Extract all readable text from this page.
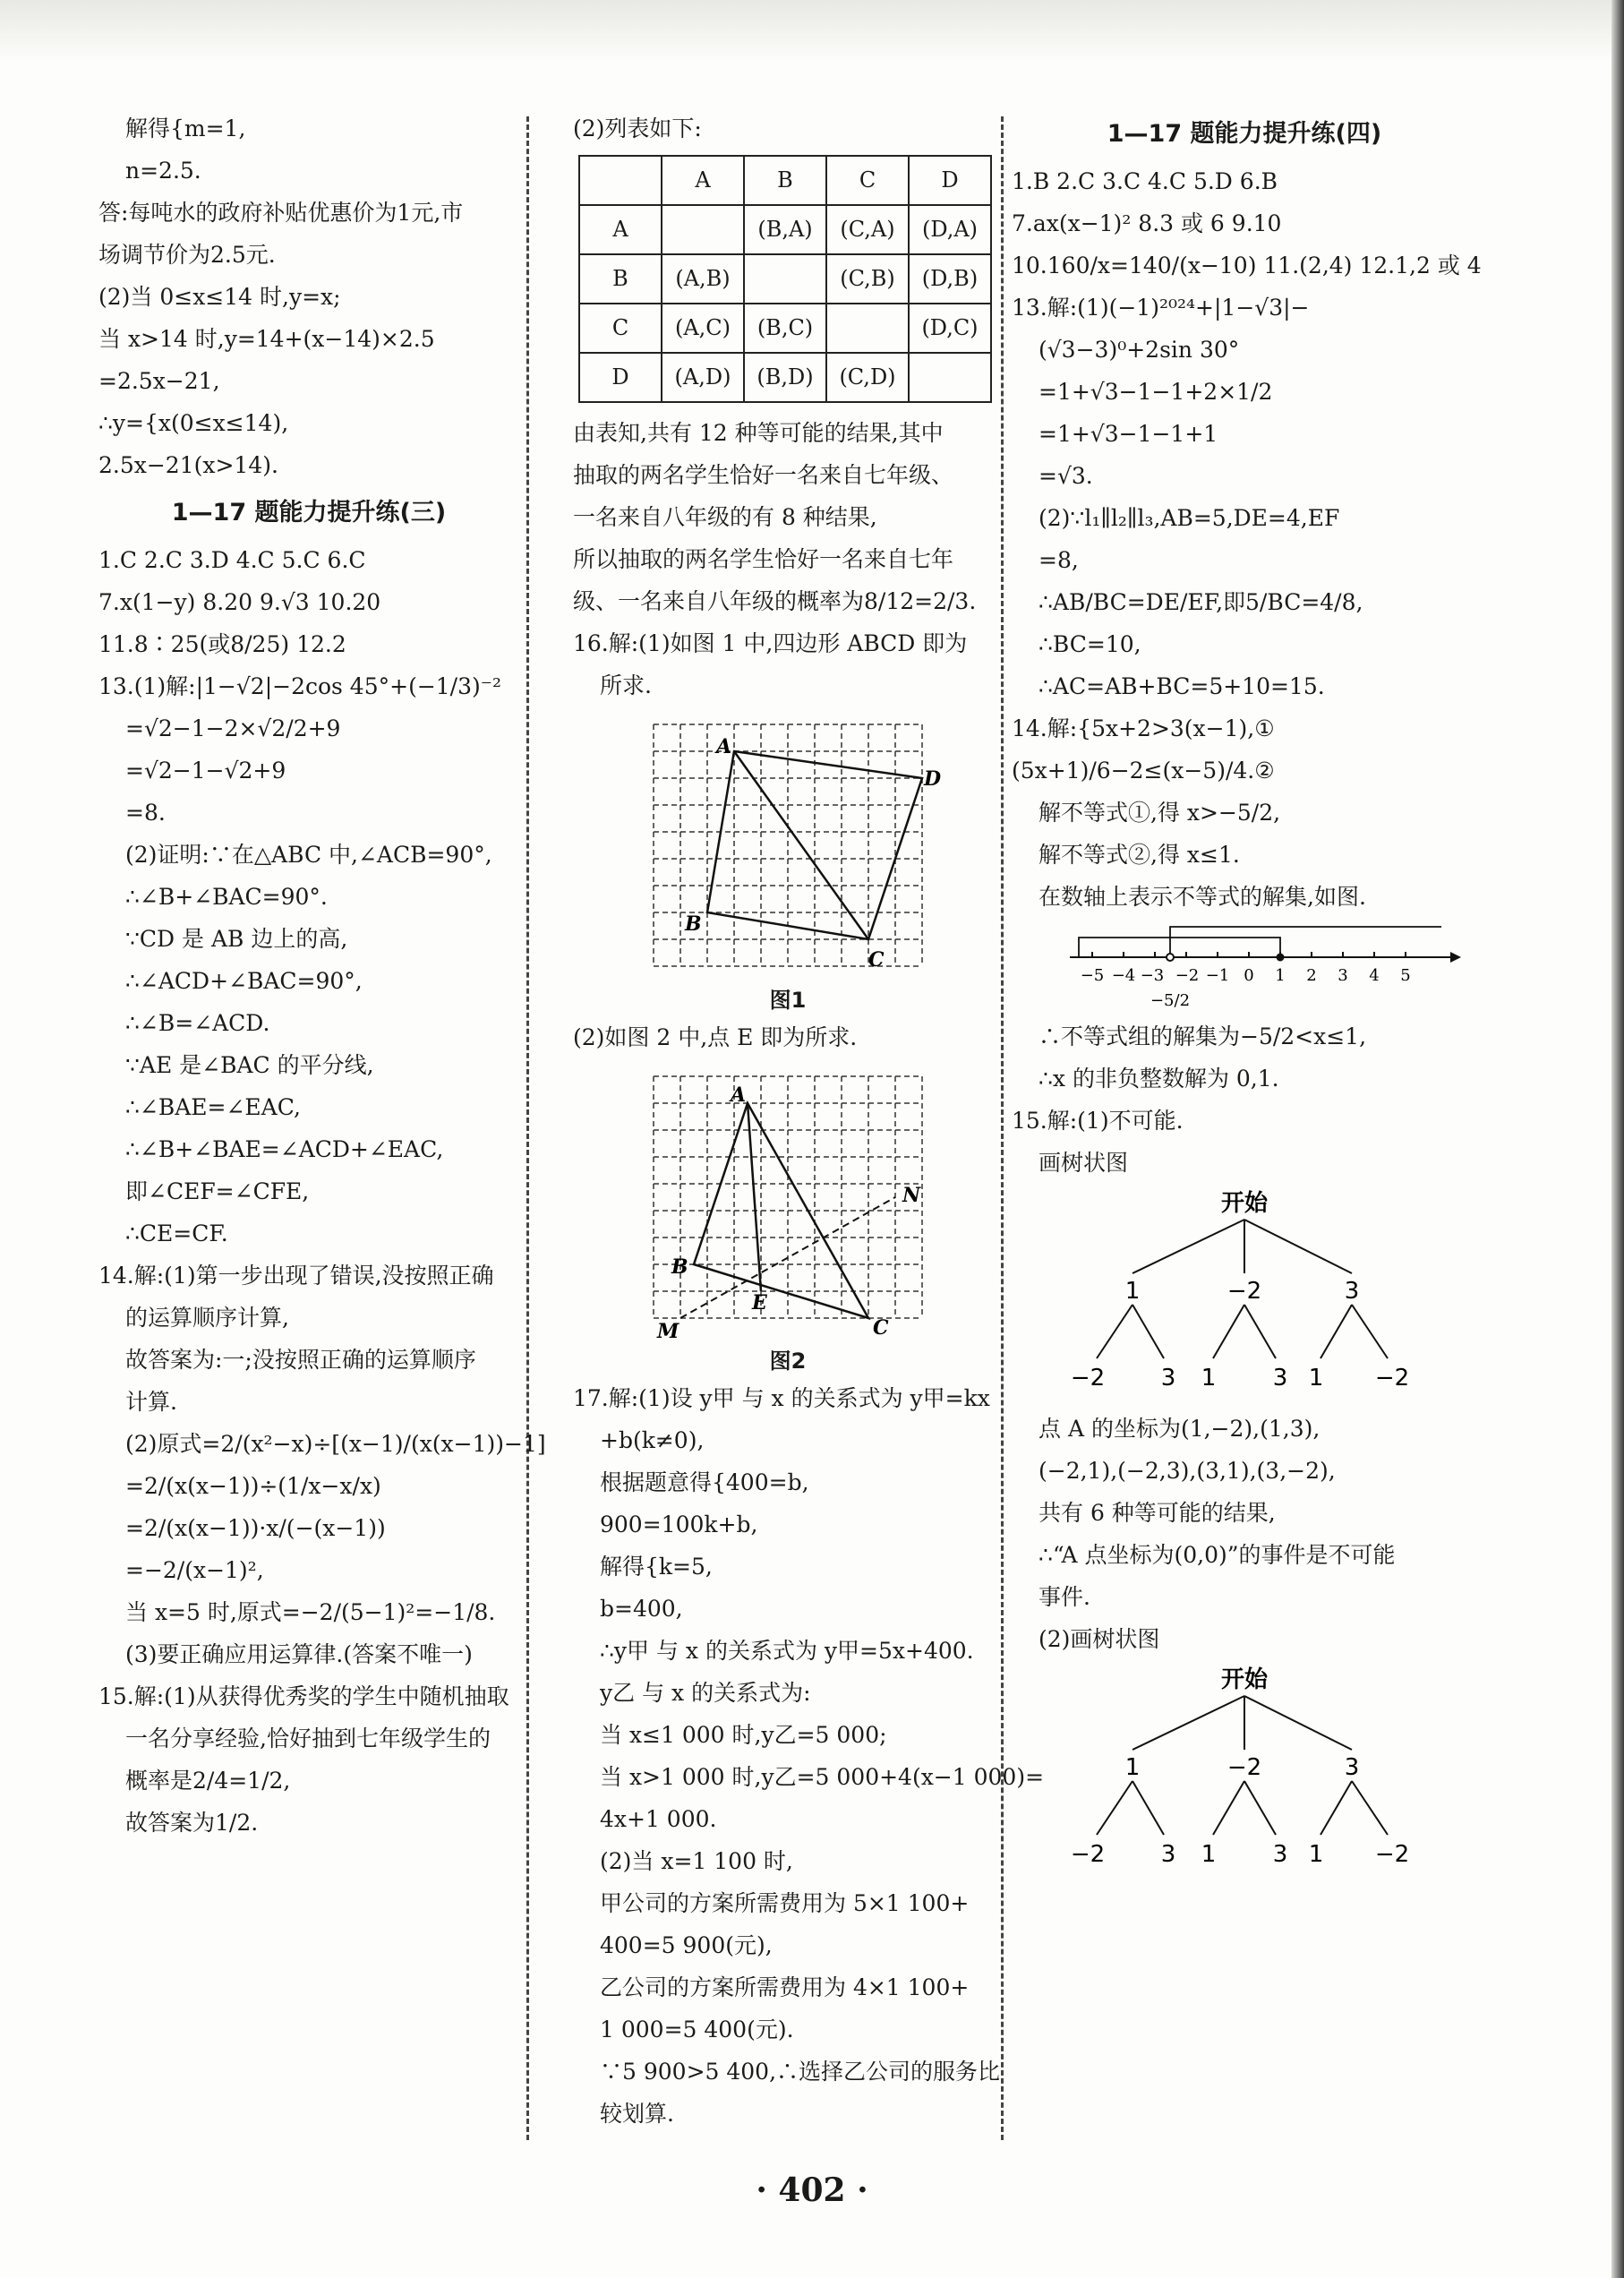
解得{m=1,
n=2.5.
答:每吨水的政府补贴优惠价为1元,市
场调节价为2.5元.
(2)当 0≤x≤14 时,y=x;
当 x>14 时,y=14+(x−14)×2.5
=2.5x−21,
∴y={x(0≤x≤14),
2.5x−21(x>14).
1—17 题能力提升练(三)
1.C 2.C 3.D 4.C 5.C 6.C
7.x(1−y) 8.20 9.√3 10.20
11.8∶25(或8/25) 12.2
13.(1)解:|1−√2|−2cos 45°+(−1/3)⁻²
=√2−1−2×√2/2+9
=√2−1−√2+9
=8.
(2)证明:∵在△ABC 中,∠ACB=90°,
∴∠B+∠BAC=90°.
∵CD 是 AB 边上的高,
∴∠ACD+∠BAC=90°,
∴∠B=∠ACD.
∵AE 是∠BAC 的平分线,
∴∠BAE=∠EAC,
∴∠B+∠BAE=∠ACD+∠EAC,
即∠CEF=∠CFE,
∴CE=CF.
14.解:(1)第一步出现了错误,没按照正确
的运算顺序计算,
故答案为:一;没按照正确的运算顺序
计算.
(2)原式=2/(x²−x)÷[(x−1)/(x(x−1))−1]
=2/(x(x−1))÷(1/x−x/x)
=2/(x(x−1))·x/(−(x−1))
=−2/(x−1)²,
当 x=5 时,原式=−2/(5−1)²=−1/8.
(3)要正确应用运算律.(答案不唯一)
15.解:(1)从获得优秀奖的学生中随机抽取
一名分享经验,恰好抽到七年级学生的
概率是2/4=1/2,
故答案为1/2.
(2)列表如下:
	A	B	C	D
A		(B,A)	(C,A)	(D,A)
B	(A,B)		(C,B)	(D,B)
C	(A,C)	(B,C)		(D,C)
D	(A,D)	(B,D)	(C,D)	
由表知,共有 12 种等可能的结果,其中
抽取的两名学生恰好一名来自七年级、
一名来自八年级的有 8 种结果,
所以抽取的两名学生恰好一名来自七年
级、一名来自八年级的概率为8/12=2/3.
16.解:(1)如图 1 中,四边形 ABCD 即为
所求.
A
B
C
D
图1
(2)如图 2 中,点 E 即为所求.
A
B
C
E
M
N
图2
17.解:(1)设 y甲 与 x 的关系式为 y甲=kx
+b(k≠0),
根据题意得{400=b,
900=100k+b,
解得{k=5,
b=400,
∴y甲 与 x 的关系式为 y甲=5x+400.
y乙 与 x 的关系式为:
当 x≤1 000 时,y乙=5 000;
当 x>1 000 时,y乙=5 000+4(x−1 000)=
4x+1 000.
(2)当 x=1 100 时,
甲公司的方案所需费用为 5×1 100+
400=5 900(元),
乙公司的方案所需费用为 4×1 100+
1 000=5 400(元).
∵5 900>5 400,∴选择乙公司的服务比
较划算.
1—17 题能力提升练(四)
1.B 2.C 3.C 4.C 5.D 6.B
7.ax(x−1)² 8.3 或 6 9.10
10.160/x=140/(x−10) 11.(2,4) 12.1,2 或 4
13.解:(1)(−1)²⁰²⁴+|1−√3|−
(√3−3)⁰+2sin 30°
=1+√3−1−1+2×1/2
=1+√3−1−1+1
=√3.
(2)∵l₁∥l₂∥l₃,AB=5,DE=4,EF
=8,
∴AB/BC=DE/EF,即5/BC=4/8,
∴BC=10,
∴AC=AB+BC=5+10=15.
14.解:{5x+2>3(x−1),①
(5x+1)/6−2≤(x−5)/4.②
解不等式①,得 x>−5/2,
解不等式②,得 x≤1.
在数轴上表示不等式的解集,如图.
−5 −4 −3 −2 −1 0 1 2 3 4 5
−5/2
∴不等式组的解集为−5/2<x≤1,
∴x 的非负整数解为 0,1.
15.解:(1)不可能.
画树状图
开始
1	−2	3
−2 3 1 3 1 −2
点 A 的坐标为(1,−2),(1,3),
(−2,1),(−2,3),(3,1),(3,−2),
共有 6 种等可能的结果,
∴“A 点坐标为(0,0)”的事件是不可能
事件.
(2)画树状图
开始
1	−2	3
−2 3 1 3 1 −2
· 402 ·
